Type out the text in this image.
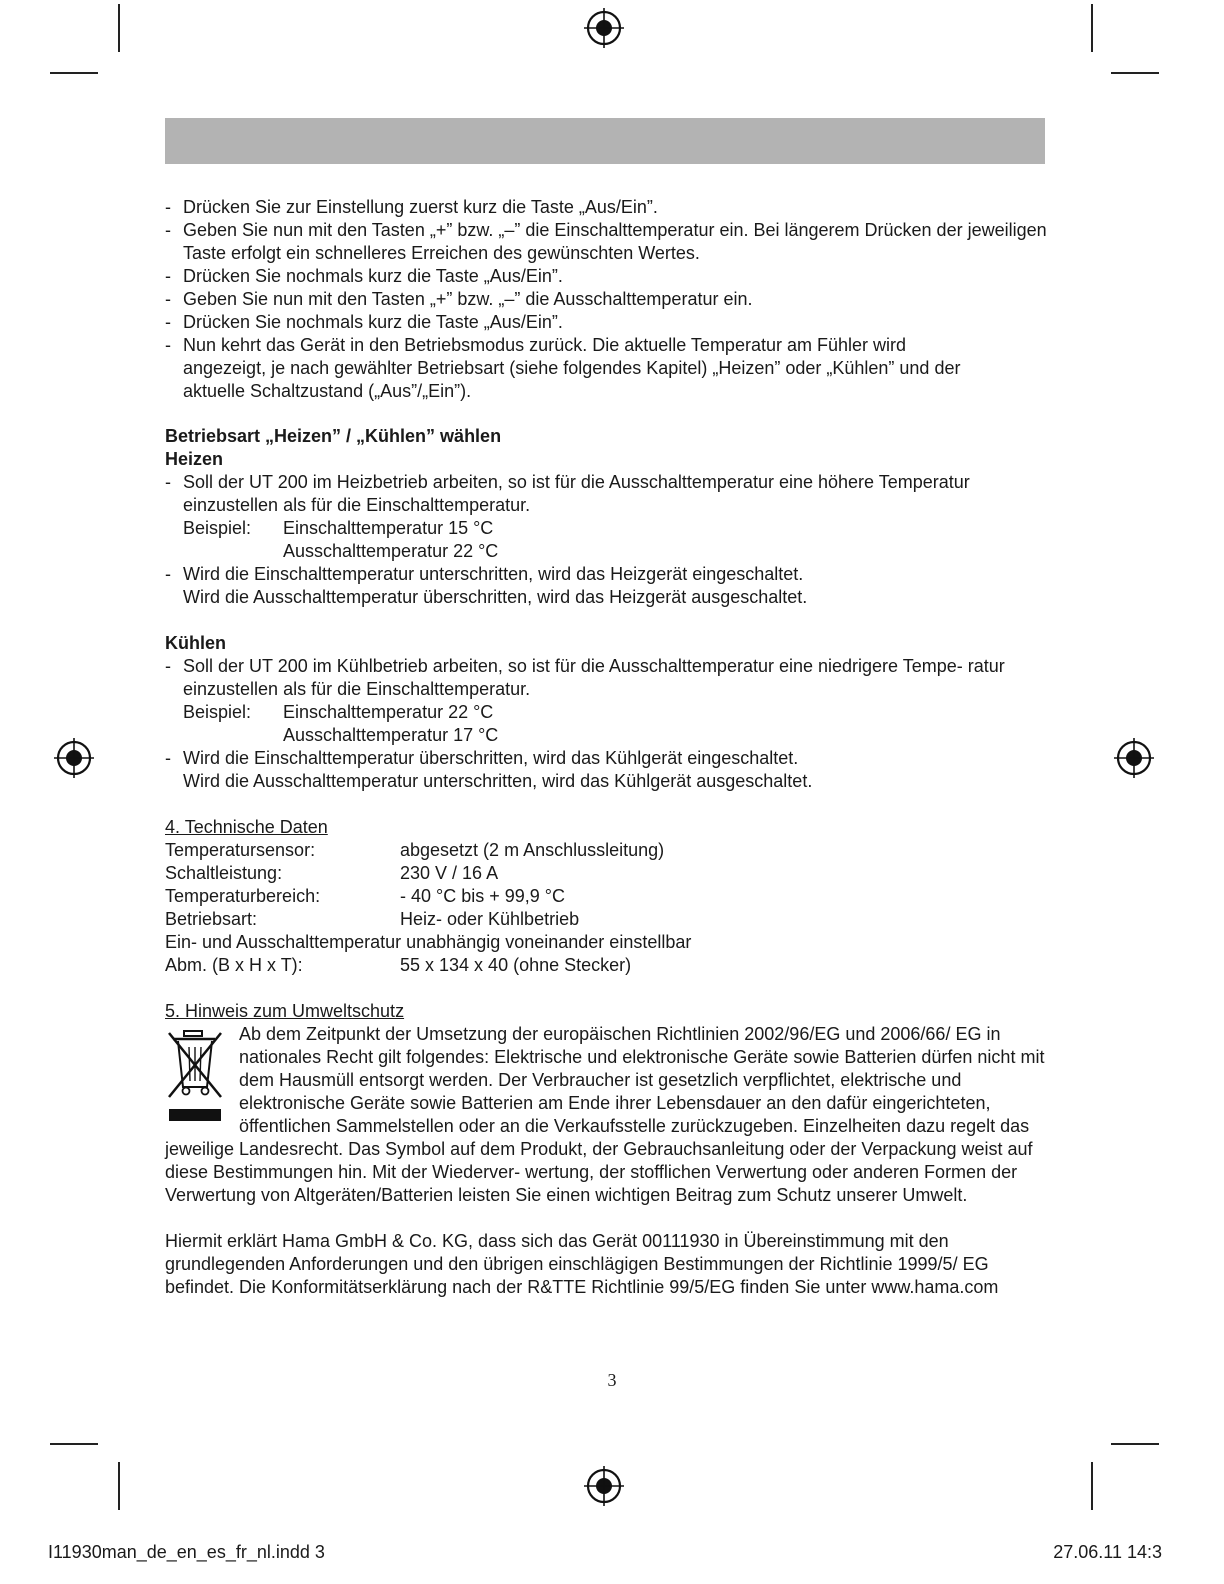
- Drücken Sie zur Einstellung zuerst kurz die Taste „Aus/Ein”.
- Geben Sie nun mit den Tasten „+” bzw. „–” die Einschalttemperatur ein. Bei längerem Drücken der jeweiligen Taste erfolgt ein schnelleres Erreichen des gewünschten Wertes.
- Drücken Sie nochmals kurz die Taste „Aus/Ein”.
- Geben Sie nun mit den Tasten „+” bzw. „–” die Ausschalttemperatur ein.
- Drücken Sie nochmals kurz die Taste „Aus/Ein”.
- Nun kehrt das Gerät in den Betriebsmodus zurück. Die aktuelle Temperatur am Fühler wird angezeigt, je nach gewählter Betriebsart (siehe folgendes Kapitel) „Heizen” oder „Kühlen” und der aktuelle Schaltzustand („Aus”/„Ein”).

Betriebsart „Heizen” / „Kühlen” wählen

Heizen

- Soll der UT 200 im Heizbetrieb arbeiten, so ist für die Ausschalttemperatur eine höhere Temperatur einzustellen als für die Einschalttemperatur.
Beispiel:	Einschalttemperatur 15 °C
Ausschalttemperatur 22 °C
- Wird die Einschalttemperatur unterschritten, wird das Heizgerät eingeschaltet.
Wird die Ausschalttemperatur überschritten, wird das Heizgerät ausgeschaltet.

Kühlen

- Soll der UT 200 im Kühlbetrieb arbeiten, so ist für die Ausschalttemperatur eine niedrigere Tempe- ratur einzustellen als für die Einschalttemperatur.
Beispiel:	Einschalttemperatur 22 °C
Ausschalttemperatur 17 °C
- Wird die Einschalttemperatur überschritten, wird das Kühlgerät eingeschaltet.
Wird die Ausschalttemperatur unterschritten, wird das Kühlgerät ausgeschaltet.

4. Technische Daten

Temperatursensor:	abgesetzt (2 m Anschlussleitung)
Schaltleistung:	230 V / 16 A
Temperaturbereich:	- 40 °C bis + 99,9 °C
Betriebsart:	Heiz- oder Kühlbetrieb
Ein- und Ausschalttemperatur unabhängig voneinander einstellbar
Abm. (B x H x T):	55 x 134 x 40 (ohne Stecker)

5. Hinweis zum Umweltschutz

Ab dem Zeitpunkt der Umsetzung der europäischen Richtlinien 2002/96/EG und 2006/66/ EG in nationales Recht gilt folgendes: Elektrische und elektronische Geräte sowie Batterien dürfen nicht mit dem Hausmüll entsorgt werden. Der Verbraucher ist gesetzlich verpflichtet, elektrische und elektronische Geräte sowie Batterien am Ende ihrer Lebensdauer an den dafür eingerichteten, öffentlichen Sammelstellen oder an die Verkaufsstelle zurückzugeben. Einzelheiten dazu regelt das jeweilige Landesrecht. Das Symbol auf dem Produkt, der Gebrauchsanleitung oder der Verpackung weist auf diese Bestimmungen hin. Mit der Wiederver- wertung, der stofflichen Verwertung oder anderen Formen der Verwertung von Altgeräten/Batterien leisten Sie einen wichtigen Beitrag zum Schutz unserer Umwelt.

Hiermit erklärt Hama GmbH & Co. KG, dass sich das Gerät 00111930 in Übereinstimmung mit den grundlegenden Anforderungen und den übrigen einschlägigen Bestimmungen der Richtlinie 1999/5/ EG befindet. Die Konformitätserklärung nach der R&TTE Richtlinie 99/5/EG finden Sie unter www.hama.com

3
I11930man_de_en_es_fr_nl.indd 3	27.06.11 14:3
